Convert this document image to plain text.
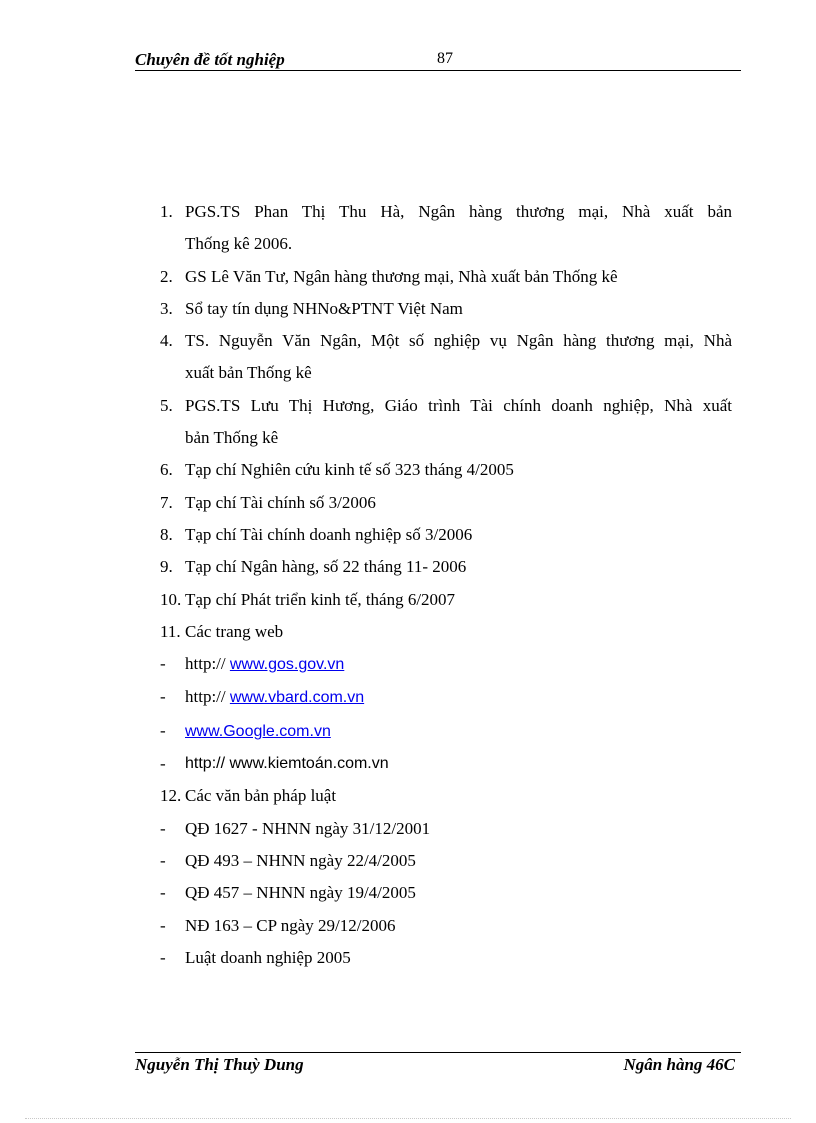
Chuyên đề tốt nghiệp	87
1. PGS.TS Phan Thị Thu Hà, Ngân hàng thương mại, Nhà xuất bản
Thống kê 2006.
2. GS Lê Văn Tư, Ngân hàng thương mại, Nhà xuất bản Thống kê
3. Sổ tay tín dụng NHNo&PTNT Việt Nam
4. TS. Nguyễn Văn Ngân, Một số nghiệp vụ Ngân hàng thương mại, Nhà
xuất bản Thống kê
5. PGS.TS Lưu Thị Hương, Giáo trình Tài chính doanh nghiệp, Nhà xuất
bản Thống kê
6. Tạp chí Nghiên cứu kinh tế số 323 tháng 4/2005
7. Tạp chí Tài chính số 3/2006
8. Tạp chí Tài chính doanh nghiệp số 3/2006
9. Tạp chí Ngân hàng, số 22 tháng 11- 2006
10. Tạp chí Phát triển kinh tế, tháng 6/2007
11. Các trang web
-	http:// www.gos.gov.vn
-	http:// www.vbard.com.vn
-	www.Google.com.vn
-	http:// www.kiemtoán.com.vn
12. Các văn bản pháp luật
-	QĐ 1627 - NHNN ngày 31/12/2001
-	QĐ 493 – NHNN ngày 22/4/2005
-	QĐ 457 – NHNN ngày 19/4/2005
-	NĐ 163 – CP ngày 29/12/2006
-	Luật doanh nghiệp 2005
Nguyễn Thị Thuỳ Dung	Ngân hàng 46C
